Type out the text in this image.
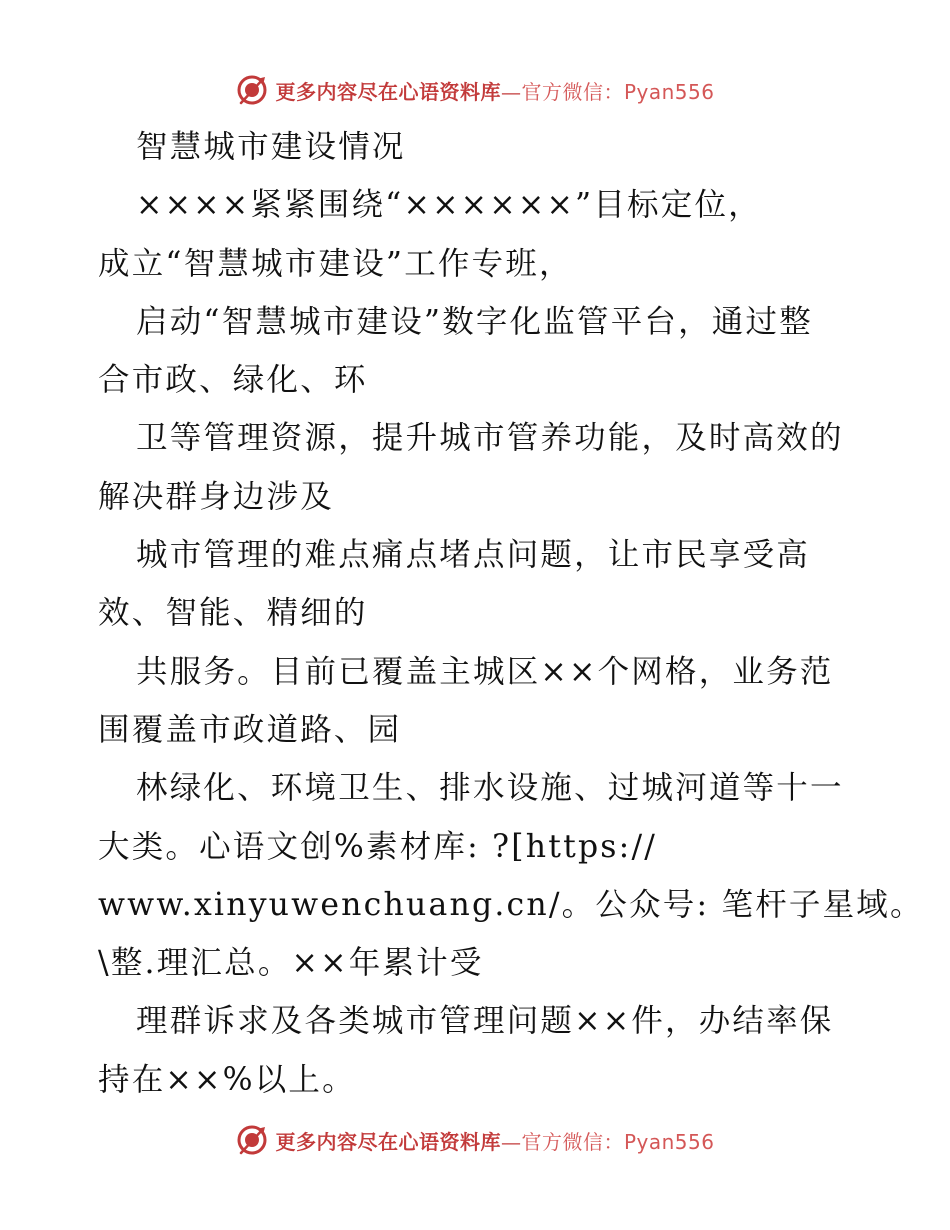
更多内容尽在心语资料库—官方微信：Pyan556
智慧城市建设情况
××××紧紧围绕“××××××”目标定位，
成立“智慧城市建设”工作专班，
启动“智慧城市建设”数字化监管平台，通过整
合市政、绿化、环
卫等管理资源，提升城市管养功能，及时高效的
解决群身边涉及
城市管理的难点痛点堵点问题，让市民享受高
效、智能、精细的
共服务。目前已覆盖主城区××个网格，业务范
围覆盖市政道路、园
林绿化、环境卫生、排水设施、过城河道等十一
大类。心语文创%素材库: ?[https://
www.xinyuwenchuang.cn/。公众号: 笔杆子星域。
\整.理汇总。××年累计受
理群诉求及各类城市管理问题××件，办结率保
持在××%以上。
更多内容尽在心语资料库—官方微信：Pyan556
